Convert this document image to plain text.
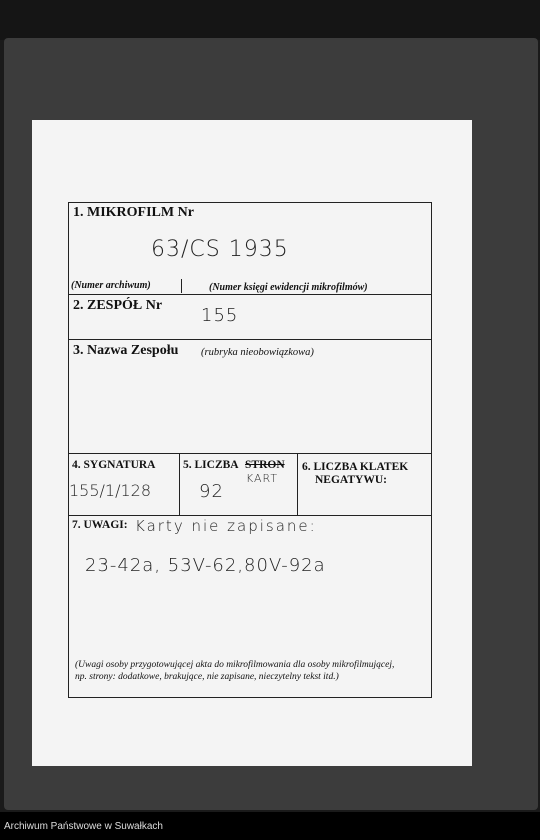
1. MIKROFILM Nr
63/CS 1935
(Numer archiwum)	(Numer księgi ewidencji mikrofilmów)
2. ZESPÓŁ Nr 155
3. Nazwa Zespołu (rubryka nieobowiązkowa)
4. SYGNATURA
155/1/128
5. LICZBA STRON
KART
92
6. LICZBA KLATEK
NEGATYWU:
7. UWAGI: Karty nie zapisane:
23-42a, 53V-62,80V-92a
(Uwagi osoby przygotowującej akta do mikrofilmowania dla osoby mikrofilmującej,
np. strony: dodatkowe, brakujące, nie zapisane, nieczytelny tekst itd.)
Archiwum Państwowe w Suwałkach
